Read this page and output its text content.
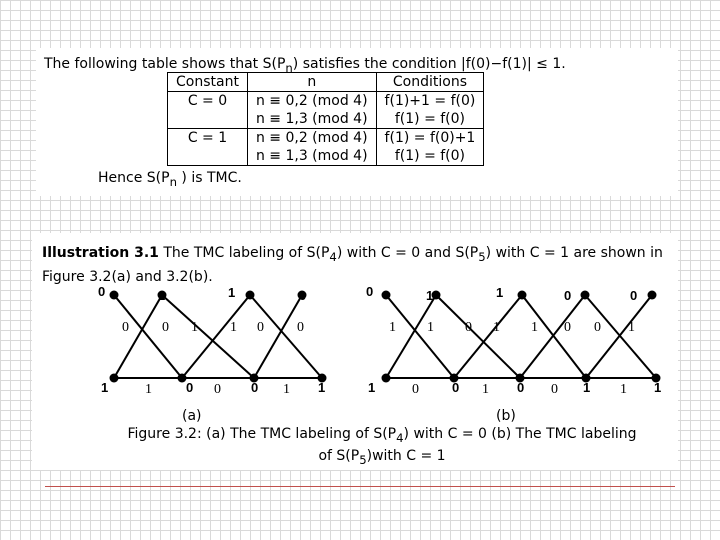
The following table shows that $S(P_n)$ satisfies the condition |f(0)−f(1)| ≤ 1.
Constant	n	Conditions
C = 0	n ≡ 0,2 (mod 4)	f(1)+1 = f(0)
	n ≡ 1,3 (mod 4)	f(1) = f(0)
C = 1	n ≡ 0,2 (mod 4)	f(1) = f(0)+1
	n ≡ 1,3 (mod 4)	f(1) = f(0)
Hence $S(P_n$ ) is TMC.
Illustration 3.1 The TMC labeling of $S(P_4)$ with C = 0 and $S(P_5)$ with C = 1 are shown in Figure 3.2(a) and 3.2(b).
0	1	1	0
1	0	0	1
0 0 1 1 0 0
1	0	1
(a)
0	1	1	0	0
1	0	0	1	1
1 1 0 1 1 0 0 1
0	1	0	1
(b)
Figure 3.2: (a) The TMC labeling of $S(P_4)$ with C = 0 (b) The TMC labeling
of $S(P_5)with$ C = 1
